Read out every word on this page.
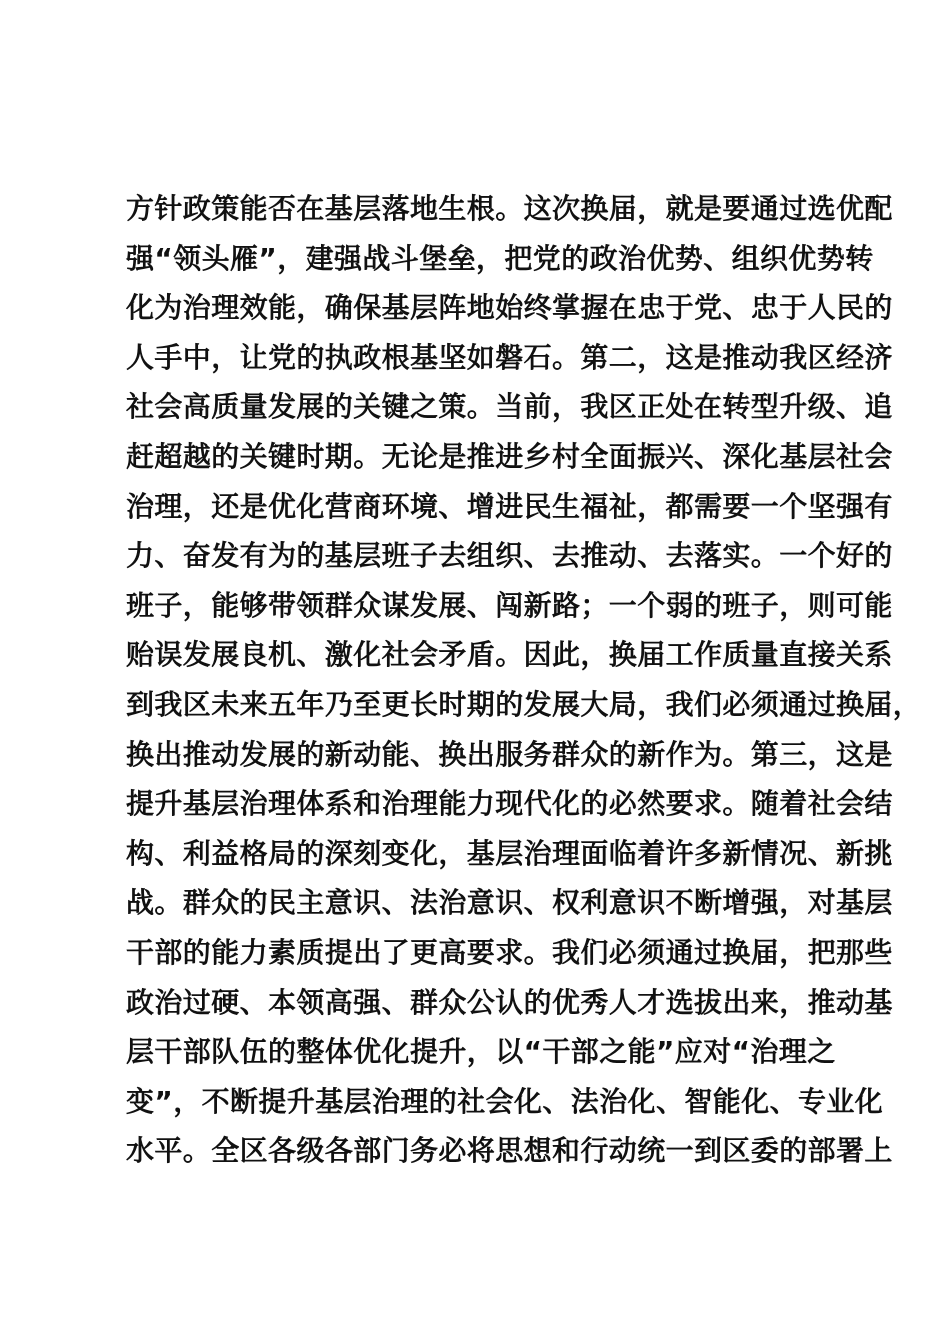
方针政策能否在基层落地生根。这次换届，就是要通过选优配
强“领头雁”，建强战斗堡垒，把党的政治优势、组织优势转
化为治理效能，确保基层阵地始终掌握在忠于党、忠于人民的
人手中，让党的执政根基坚如磐石。第二，这是推动我区经济
社会高质量发展的关键之策。当前，我区正处在转型升级、追
赶超越的关键时期。无论是推进乡村全面振兴、深化基层社会
治理，还是优化营商环境、增进民生福祉，都需要一个坚强有
力、奋发有为的基层班子去组织、去推动、去落实。一个好的
班子，能够带领群众谋发展、闯新路；一个弱的班子，则可能
贻误发展良机、激化社会矛盾。因此，换届工作质量直接关系
到我区未来五年乃至更长时期的发展大局，我们必须通过换届，
换出推动发展的新动能、换出服务群众的新作为。第三，这是
提升基层治理体系和治理能力现代化的必然要求。随着社会结
构、利益格局的深刻变化，基层治理面临着许多新情况、新挑
战。群众的民主意识、法治意识、权利意识不断增强，对基层
干部的能力素质提出了更高要求。我们必须通过换届，把那些
政治过硬、本领高强、群众公认的优秀人才选拔出来，推动基
层干部队伍的整体优化提升，以“干部之能”应对“治理之
变”，不断提升基层治理的社会化、法治化、智能化、专业化
水平。全区各级各部门务必将思想和行动统一到区委的部署上
